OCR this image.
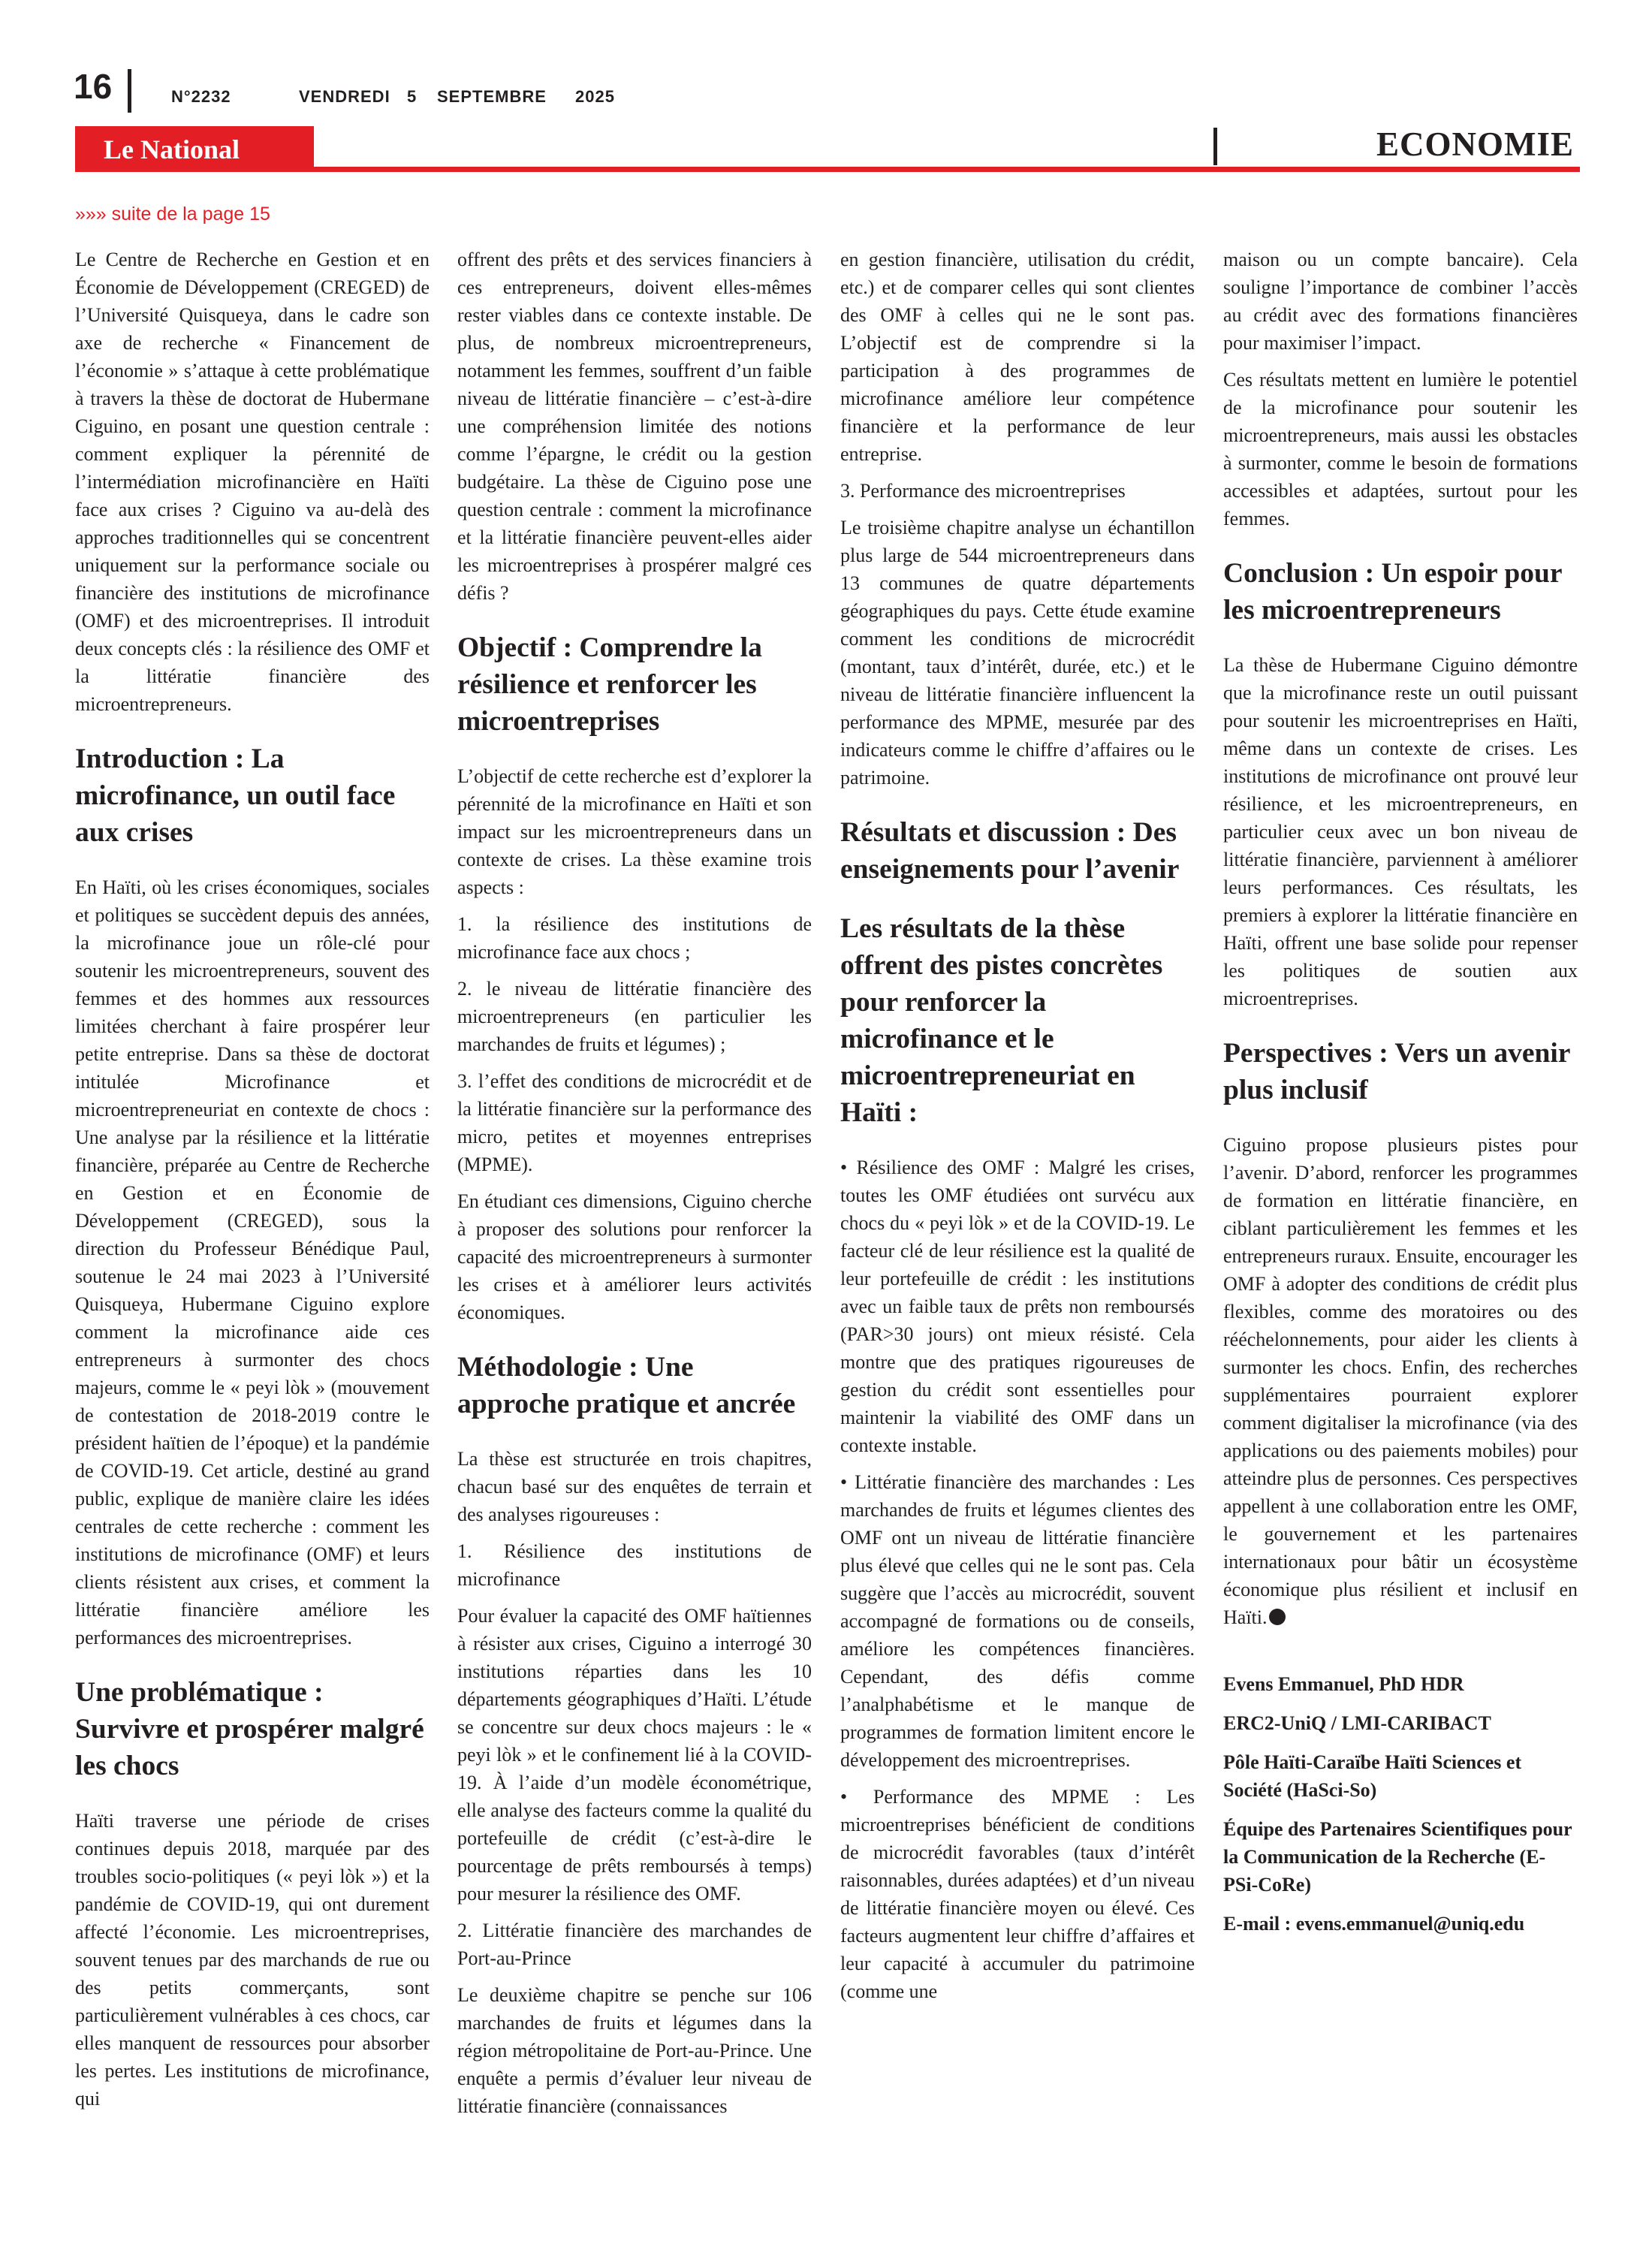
16	N°2232	VENDREDI 5 SEPTEMBRE 2025
Le National	ECONOMIE
»»» suite de la page 15

Le Centre de Recherche en Gestion et en Économie de Développement (CREGED) de l’Université Quisqueya, dans le cadre son axe de recherche « Financement de l’économie » s’attaque à cette problématique à travers la thèse de doctorat de Hubermane Ciguino, en posant une question centrale : comment expliquer la pérennité de l’intermédiation microfinancière en Haïti face aux crises ? Ciguino va au-delà des approches traditionnelles qui se concentrent uniquement sur la performance sociale ou financière des institutions de microfinance (OMF) et des microentreprises. Il introduit deux concepts clés : la résilience des OMF et la littératie financière des microentrepreneurs.

Introduction : La microfinance, un outil face aux crises

En Haïti, où les crises économiques, sociales et politiques se succèdent depuis des années, la microfinance joue un rôle-clé pour soutenir les microentrepreneurs, souvent des femmes et des hommes aux ressources limitées cherchant à faire prospérer leur petite entreprise. Dans sa thèse de doctorat intitulée Microfinance et microentrepreneuriat en contexte de chocs : Une analyse par la résilience et la littératie financière, préparée au Centre de Recherche en Gestion et en Économie de Développement (CREGED), sous la direction du Professeur Bénédique Paul, soutenue le 24 mai 2023 à l’Université Quisqueya, Hubermane Ciguino explore comment la microfinance aide ces entrepreneurs à surmonter des chocs majeurs, comme le « peyi lòk » (mouvement de contestation de 2018-2019 contre le président haïtien de l’époque) et la pandémie de COVID-19. Cet article, destiné au grand public, explique de manière claire les idées centrales de cette recherche : comment les institutions de microfinance (OMF) et leurs clients résistent aux crises, et comment la littératie financière améliore les performances des microentreprises.

Une problématique : Survivre et prospérer malgré les chocs

Haïti traverse une période de crises continues depuis 2018, marquée par des troubles socio-politiques (« peyi lòk ») et la pandémie de COVID-19, qui ont durement affecté l’économie. Les microentreprises, souvent tenues par des marchands de rue ou des petits commerçants, sont particulièrement vulnérables à ces chocs, car elles manquent de ressources pour absorber les pertes. Les institutions de microfinance, qui

offrent des prêts et des services financiers à ces entrepreneurs, doivent elles-mêmes rester viables dans ce contexte instable. De plus, de nombreux microentrepreneurs, notamment les femmes, souffrent d’un faible niveau de littératie financière – c’est-à-dire une compréhension limitée des notions comme l’épargne, le crédit ou la gestion budgétaire. La thèse de Ciguino pose une question centrale : comment la microfinance et la littératie financière peuvent-elles aider les microentreprises à prospérer malgré ces défis ?

Objectif : Comprendre la résilience et renforcer les microentreprises

L’objectif de cette recherche est d’explorer la pérennité de la microfinance en Haïti et son impact sur les microentrepreneurs dans un contexte de crises. La thèse examine trois aspects :

1. la résilience des institutions de microfinance face aux chocs ;

2. le niveau de littératie financière des microentrepreneurs (en particulier les marchandes de fruits et légumes) ;

3. l’effet des conditions de microcrédit et de la littératie financière sur la performance des micro, petites et moyennes entreprises (MPME).

En étudiant ces dimensions, Ciguino cherche à proposer des solutions pour renforcer la capacité des microentrepreneurs à surmonter les crises et à améliorer leurs activités économiques.

Méthodologie : Une approche pratique et ancrée

La thèse est structurée en trois chapitres, chacun basé sur des enquêtes de terrain et des analyses rigoureuses :

1. Résilience des institutions de microfinance

Pour évaluer la capacité des OMF haïtiennes à résister aux crises, Ciguino a interrogé 30 institutions réparties dans les 10 départements géographiques d’Haïti. L’étude se concentre sur deux chocs majeurs : le « peyi lòk » et le confinement lié à la COVID-19. À l’aide d’un modèle économétrique, elle analyse des facteurs comme la qualité du portefeuille de crédit (c’est-à-dire le pourcentage de prêts remboursés à temps) pour mesurer la résilience des OMF.

2. Littératie financière des marchandes de Port-au-Prince

Le deuxième chapitre se penche sur 106 marchandes de fruits et légumes dans la région métropolitaine de Port-au-Prince. Une enquête a permis d’évaluer leur niveau de littératie financière (connaissances

en gestion financière, utilisation du crédit, etc.) et de comparer celles qui sont clientes des OMF à celles qui ne le sont pas. L’objectif est de comprendre si la participation à des programmes de microfinance améliore leur compétence financière et la performance de leur entreprise.

3. Performance des microentreprises

Le troisième chapitre analyse un échantillon plus large de 544 microentrepreneurs dans 13 communes de quatre départements géographiques du pays. Cette étude examine comment les conditions de microcrédit (montant, taux d’intérêt, durée, etc.) et le niveau de littératie financière influencent la performance des MPME, mesurée par des indicateurs comme le chiffre d’affaires ou le patrimoine.

Résultats et discussion : Des enseignements pour l’avenir
Les résultats de la thèse offrent des pistes concrètes pour renforcer la microfinance et le microentrepreneuriat en Haïti :

• Résilience des OMF : Malgré les crises, toutes les OMF étudiées ont survécu aux chocs du « peyi lòk » et de la COVID-19. Le facteur clé de leur résilience est la qualité de leur portefeuille de crédit : les institutions avec un faible taux de prêts non remboursés (PAR>30 jours) ont mieux résisté. Cela montre que des pratiques rigoureuses de gestion du crédit sont essentielles pour maintenir la viabilité des OMF dans un contexte instable.

• Littératie financière des marchandes : Les marchandes de fruits et légumes clientes des OMF ont un niveau de littératie financière plus élevé que celles qui ne le sont pas. Cela suggère que l’accès au microcrédit, souvent accompagné de formations ou de conseils, améliore les compétences financières. Cependant, des défis comme l’analphabétisme et le manque de programmes de formation limitent encore le développement des microentreprises.

• Performance des MPME : Les microentreprises bénéficient de conditions de microcrédit favorables (taux d’intérêt raisonnables, durées adaptées) et d’un niveau de littératie financière moyen ou élevé. Ces facteurs augmentent leur chiffre d’affaires et leur capacité à accumuler du patrimoine (comme une

maison ou un compte bancaire). Cela souligne l’importance de combiner l’accès au crédit avec des formations financières pour maximiser l’impact.

Ces résultats mettent en lumière le potentiel de la microfinance pour soutenir les microentrepreneurs, mais aussi les obstacles à surmonter, comme le besoin de formations accessibles et adaptées, surtout pour les femmes.

Conclusion : Un espoir pour les microentrepreneurs

La thèse de Hubermane Ciguino démontre que la microfinance reste un outil puissant pour soutenir les microentreprises en Haïti, même dans un contexte de crises. Les institutions de microfinance ont prouvé leur résilience, et les microentrepreneurs, en particulier ceux avec un bon niveau de littératie financière, parviennent à améliorer leurs performances. Ces résultats, les premiers à explorer la littératie financière en Haïti, offrent une base solide pour repenser les politiques de soutien aux microentreprises.

Perspectives : Vers un avenir plus inclusif

Ciguino propose plusieurs pistes pour l’avenir. D’abord, renforcer les programmes de formation en littératie financière, en ciblant particulièrement les femmes et les entrepreneurs ruraux. Ensuite, encourager les OMF à adopter des conditions de crédit plus flexibles, comme des moratoires ou des rééchelonnements, pour aider les clients à surmonter les chocs. Enfin, des recherches supplémentaires pourraient explorer comment digitaliser la microfinance (via des applications ou des paiements mobiles) pour atteindre plus de personnes. Ces perspectives appellent à une collaboration entre les OMF, le gouvernement et les partenaires internationaux pour bâtir un écosystème économique plus résilient et inclusif en Haïti.

Evens Emmanuel, PhD HDR

ERC2-UniQ / LMI-CARIBACT

Pôle Haïti-Caraïbe Haïti Sciences et Société (HaSci-So)

Équipe des Partenaires Scientifiques pour la Communication de la Recherche (E-PSi-CoRe)

E-mail : evens.emmanuel@uniq.edu
